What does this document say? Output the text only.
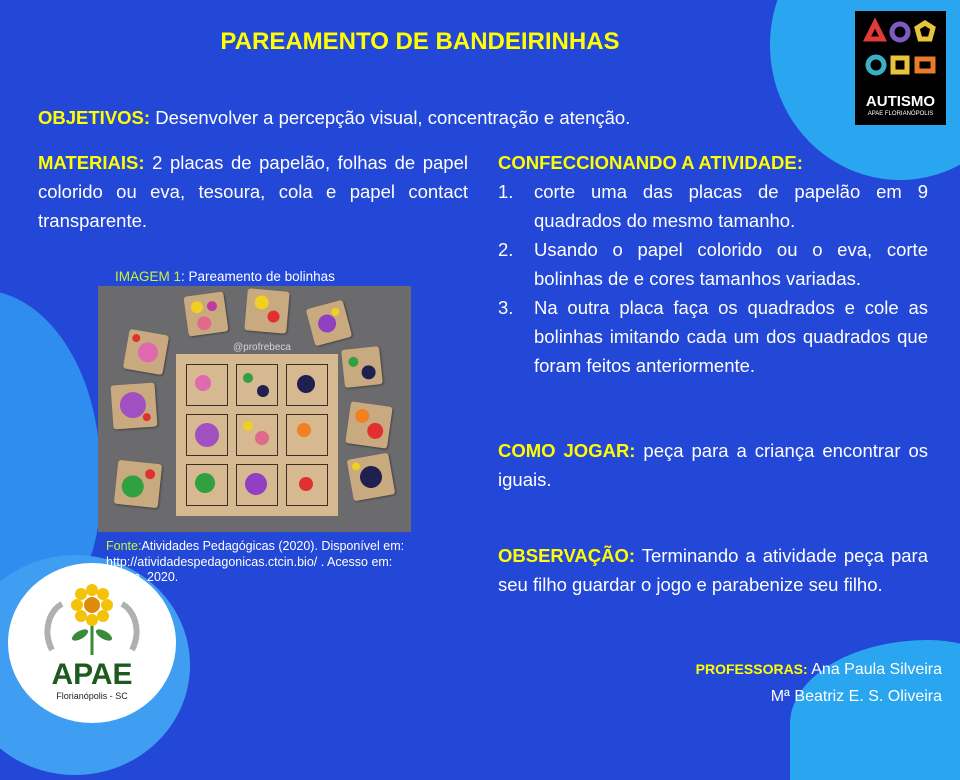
PAREAMENTO DE BANDEIRINHAS
OBJETIVOS: Desenvolver a percepção visual, concentração e atenção.
MATERIAIS: 2 placas de papelão, folhas de papel colorido ou eva, tesoura, cola e papel contact transparente.
CONFECCIONANDO A ATIVIDADE:
1.	corte uma das placas de papelão em 9 quadrados do mesmo tamanho.
2.	Usando o papel colorido ou o eva, corte bolinhas de e cores tamanhos variadas.
3.	Na outra placa faça os quadrados e cole as bolinhas imitando cada um dos quadrados que foram feitos anteriormente.
COMO JOGAR: peça para a criança encontrar os iguais.
OBSERVAÇÃO: Terminando a atividade peça para seu filho guardar o jogo e parabenize seu filho.
IMAGEM 1: Pareamento de bolinhas
@profrebeca
Fonte:Atividades Pedagógicas (2020). Disponível em: http://atividadespedagonicas.ctcin.bio/ . Acesso em: 24 jun. 2020.
AUTISMO
APAE FLORIANÓPOLIS
APAE
Florianópolis - SC
PROFESSORAS: Ana Paula Silveira
Mª Beatriz E. S. Oliveira
